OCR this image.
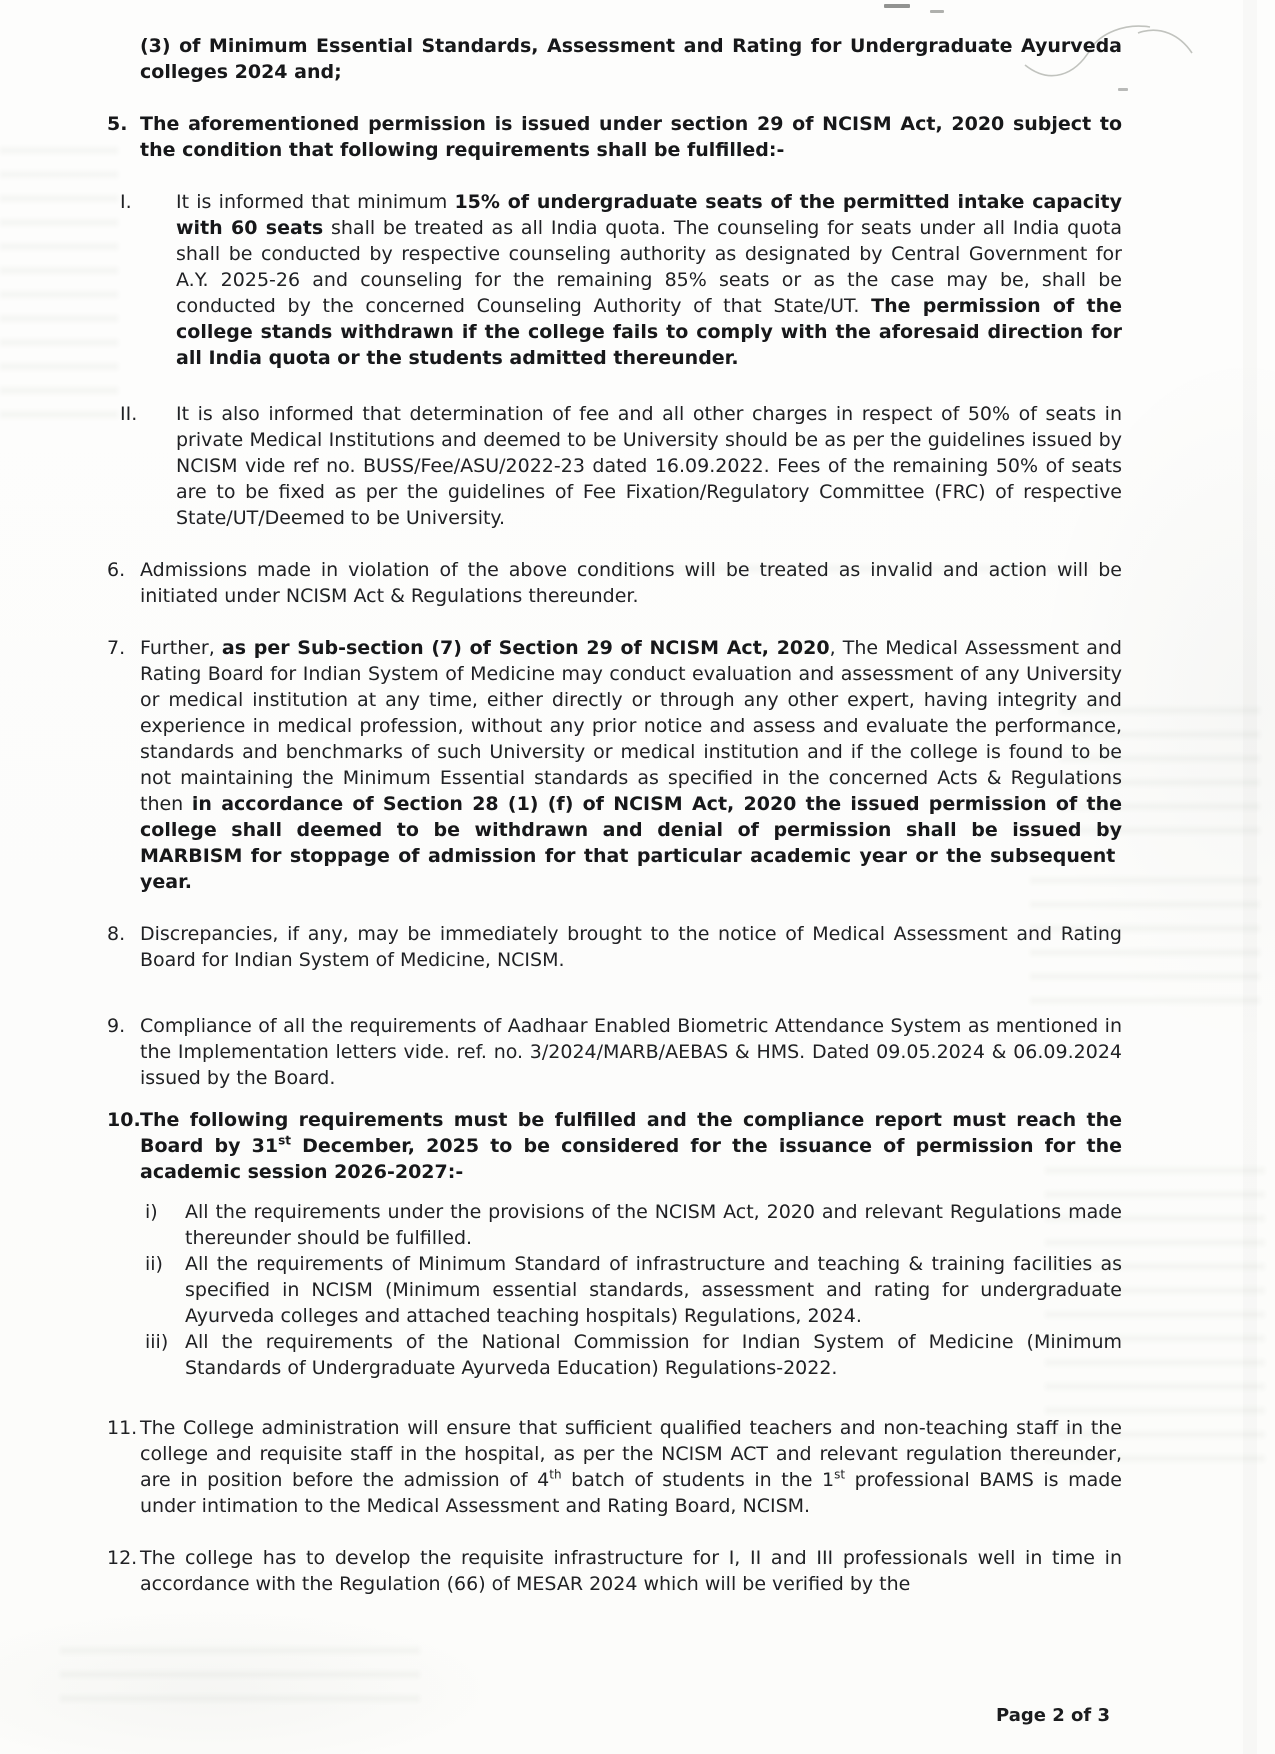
(3) of Minimum Essential Standards, Assessment and Rating for Undergraduate Ayurveda colleges 2024 and;
5. The aforementioned permission is issued under section 29 of NCISM Act, 2020 subject to the condition that following requirements shall be fulfilled:-
I.	It is informed that minimum 15% of undergraduate seats of the permitted intake capacity with 60 seats shall be treated as all India quota. The counseling for seats under all India quota shall be conducted by respective counseling authority as designated by Central Government for A.Y. 2025-26 and counseling for the remaining 85% seats or as the case may be, shall be conducted by the concerned Counseling Authority of that State/UT. The permission of the college stands withdrawn if the college fails to comply with the aforesaid direction for all India quota or the students admitted thereunder.
II.	It is also informed that determination of fee and all other charges in respect of 50% of seats in private Medical Institutions and deemed to be University should be as per the guidelines issued by NCISM vide ref no. BUSS/Fee/ASU/2022-23 dated 16.09.2022. Fees of the remaining 50% of seats are to be fixed as per the guidelines of Fee Fixation/Regulatory Committee (FRC) of respective State/UT/Deemed to be University.
6. Admissions made in violation of the above conditions will be treated as invalid and action will be initiated under NCISM Act & Regulations thereunder.
7. Further, as per Sub-section (7) of Section 29 of NCISM Act, 2020, The Medical Assessment and Rating Board for Indian System of Medicine may conduct evaluation and assessment of any University or medical institution at any time, either directly or through any other expert, having integrity and experience in medical profession, without any prior notice and assess and evaluate the performance, standards and benchmarks of such University or medical institution and if the college is found to be not maintaining the Minimum Essential standards as specified in the concerned Acts & Regulations then in accordance of Section 28 (1) (f) of NCISM Act, 2020 the issued permission of the college shall deemed to be withdrawn and denial of permission shall be issued by MARBISM for stoppage of admission for that particular academic year or the subsequent  year.
8. Discrepancies, if any, may be immediately brought to the notice of Medical Assessment and Rating Board for Indian System of Medicine, NCISM.
9. Compliance of all the requirements of Aadhaar Enabled Biometric Attendance System as mentioned in the Implementation letters vide. ref. no. 3/2024/MARB/AEBAS & HMS. Dated 09.05.2024 & 06.09.2024 issued by the Board.
10. The following requirements must be fulfilled and the compliance report must reach the Board by 31st December, 2025 to be considered for the issuance of permission for the academic session 2026-2027:-
i)	All the requirements under the provisions of the NCISM Act, 2020 and relevant Regulations made thereunder should be fulfilled.
ii)	All the requirements of Minimum Standard of infrastructure and teaching & training facilities as specified in NCISM (Minimum essential standards, assessment and rating for undergraduate Ayurveda colleges and attached teaching hospitals) Regulations, 2024.
iii) All the requirements of the National Commission for Indian System of Medicine (Minimum Standards of Undergraduate Ayurveda Education) Regulations-2022.
11. The College administration will ensure that sufficient qualified teachers and non-teaching staff in the college and requisite staff in the hospital, as per the NCISM ACT and relevant regulation thereunder, are in position before the admission of 4th batch of students in the 1st professional BAMS is made under intimation to the Medical Assessment and Rating Board, NCISM.
12. The college has to develop the requisite infrastructure for I, II and III professionals well in time in accordance with the Regulation (66) of MESAR 2024 which will be verified by the
Page 2 of 3
